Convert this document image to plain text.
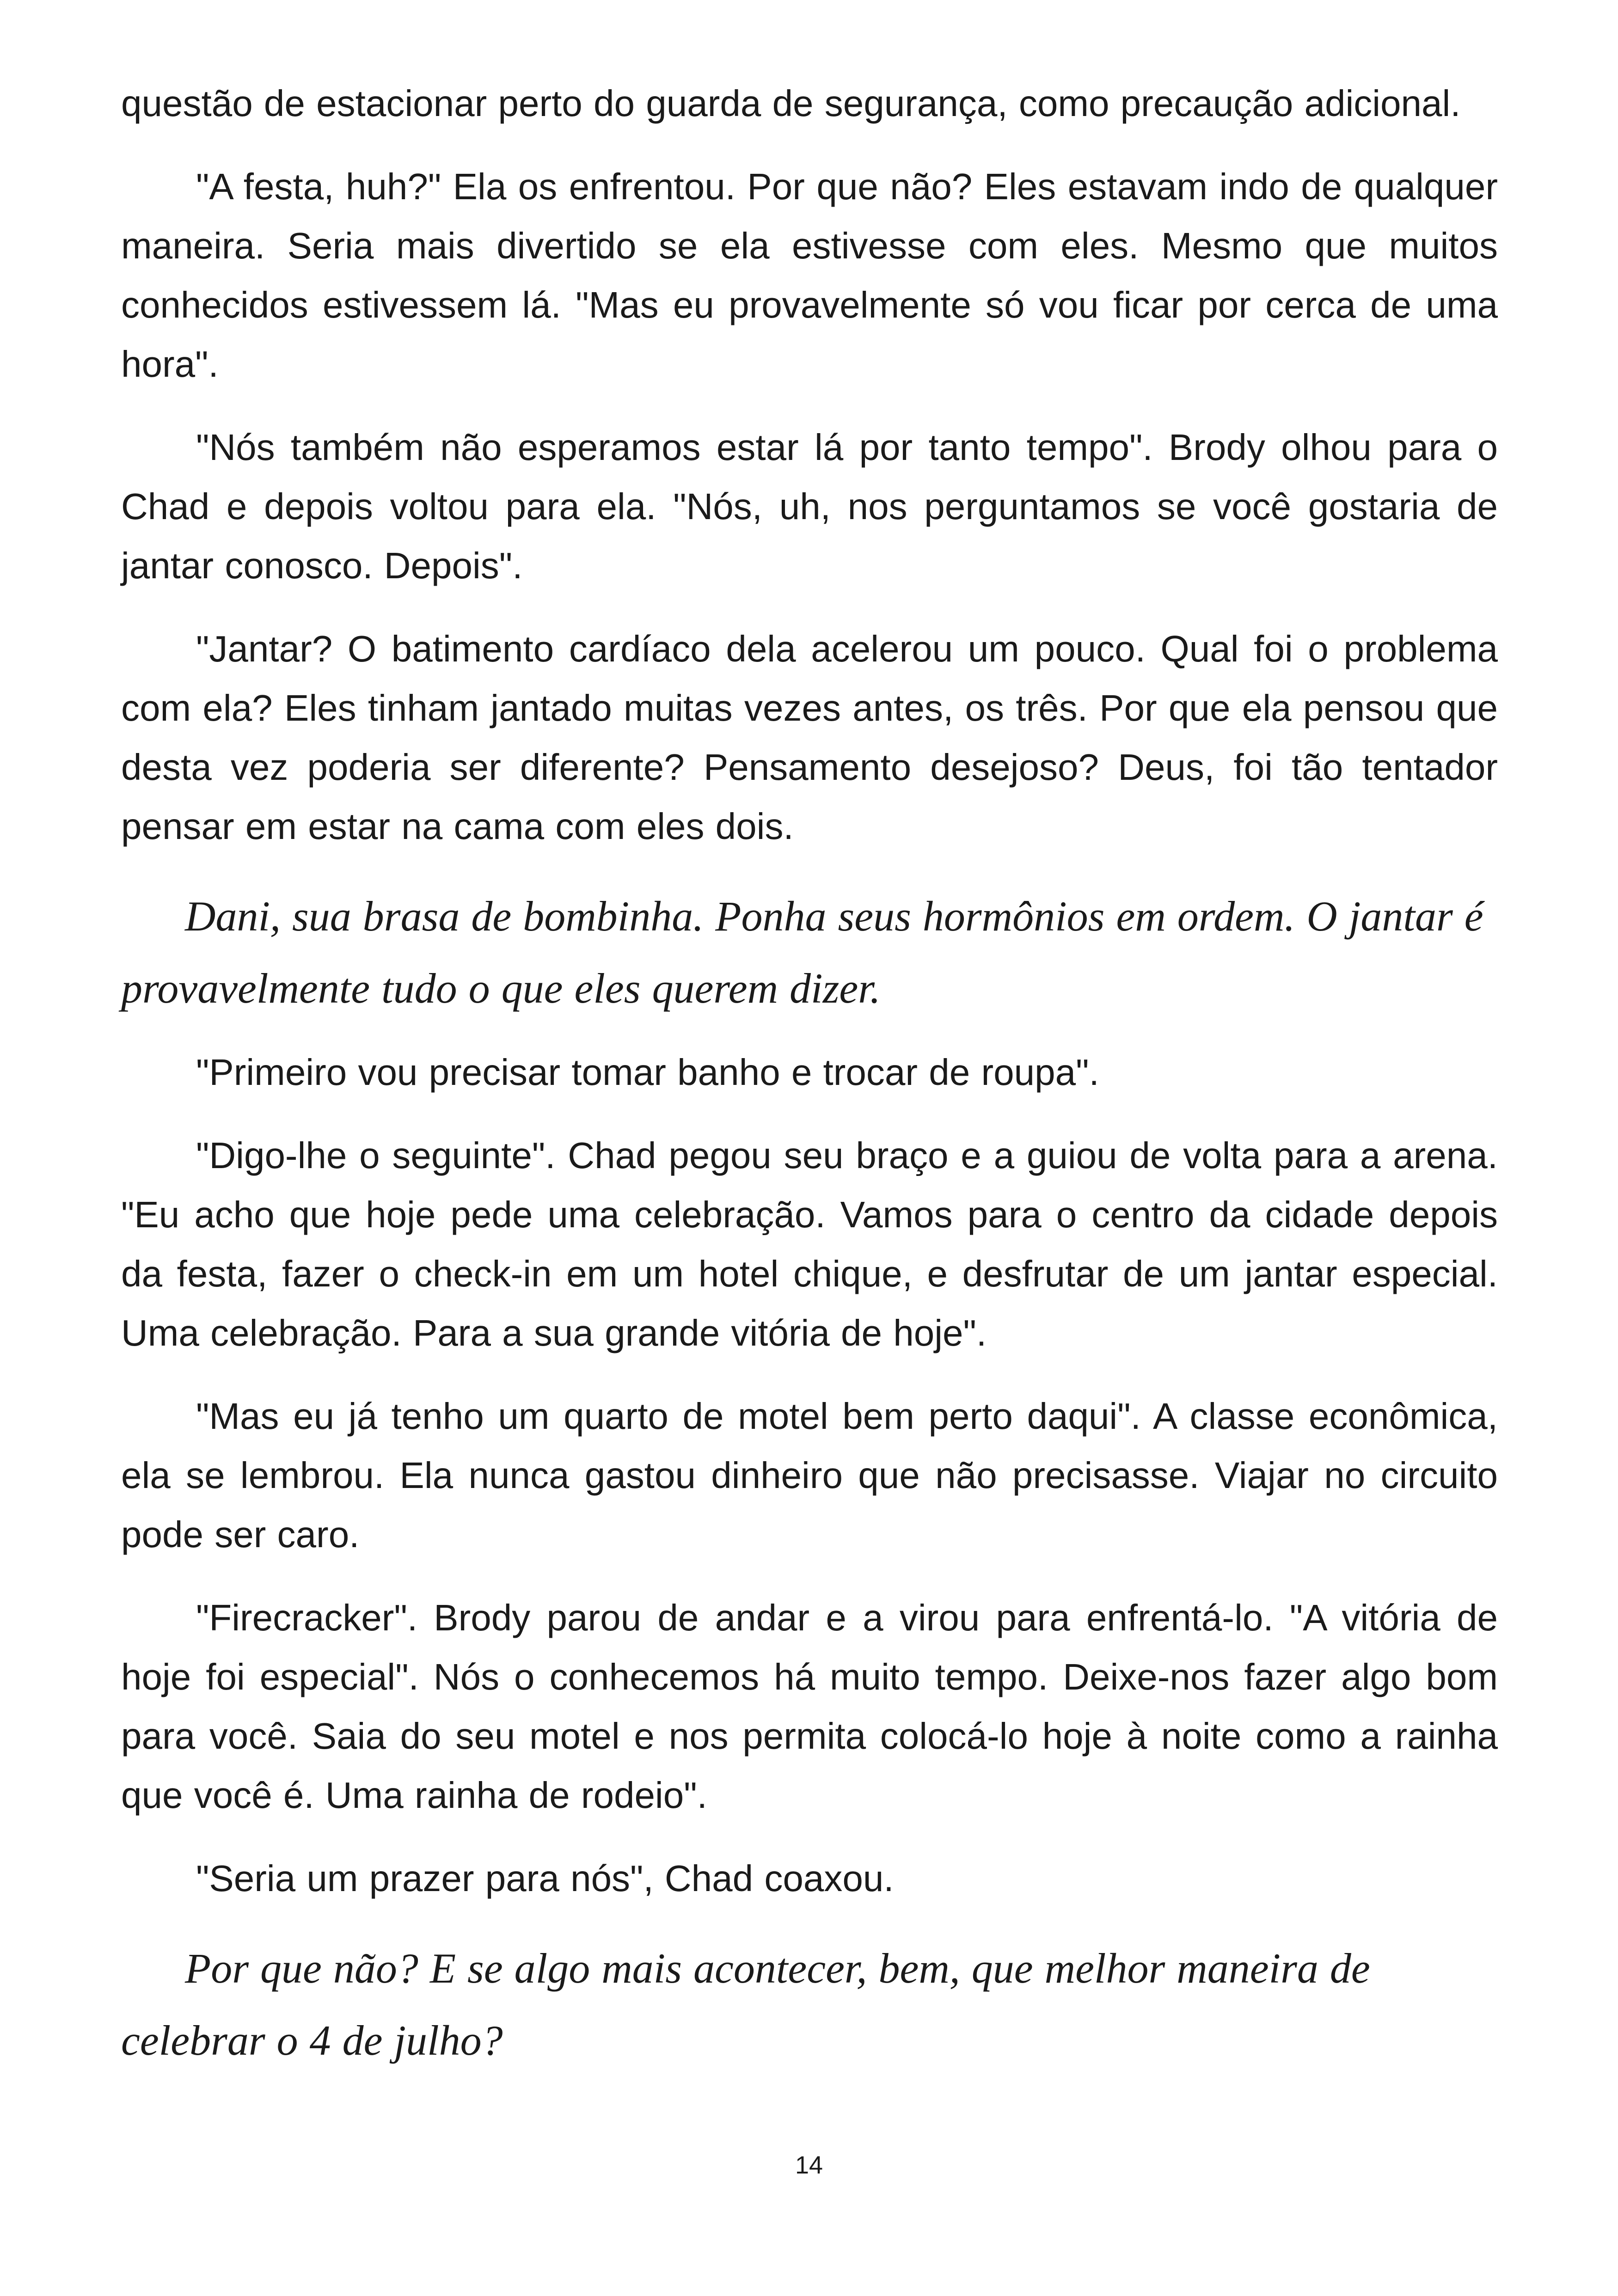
questão de estacionar perto do guarda de segurança, como precaução adicional.

"A festa, huh?" Ela os enfrentou. Por que não? Eles estavam indo de qualquer maneira. Seria mais divertido se ela estivesse com eles. Mesmo que muitos conhecidos estivessem lá. "Mas eu provavelmente só vou ficar por cerca de uma hora".

"Nós também não esperamos estar lá por tanto tempo". Brody olhou para o Chad e depois voltou para ela. "Nós, uh, nos perguntamos se você gostaria de jantar conosco. Depois".

"Jantar? O batimento cardíaco dela acelerou um pouco. Qual foi o problema com ela? Eles tinham jantado muitas vezes antes, os três. Por que ela pensou que desta vez poderia ser diferente? Pensamento desejoso? Deus, foi tão tentador pensar em estar na cama com eles dois.

Dani, sua brasa de bombinha. Ponha seus hormônios em ordem. O jantar é provavelmente tudo o que eles querem dizer.

"Primeiro vou precisar tomar banho e trocar de roupa".

"Digo-lhe o seguinte". Chad pegou seu braço e a guiou de volta para a arena. "Eu acho que hoje pede uma celebração. Vamos para o centro da cidade depois da festa, fazer o check-in em um hotel chique, e desfrutar de um jantar especial. Uma celebração. Para a sua grande vitória de hoje".

"Mas eu já tenho um quarto de motel bem perto daqui". A classe econômica, ela se lembrou. Ela nunca gastou dinheiro que não precisasse. Viajar no circuito pode ser caro.

"Firecracker". Brody parou de andar e a virou para enfrentá-lo. "A vitória de hoje foi especial". Nós o conhecemos há muito tempo. Deixe-nos fazer algo bom para você. Saia do seu motel e nos permita colocá-lo hoje à noite como a rainha que você é. Uma rainha de rodeio".

"Seria um prazer para nós", Chad coaxou.

Por que não? E se algo mais acontecer, bem, que melhor maneira de celebrar o 4 de julho?

14
